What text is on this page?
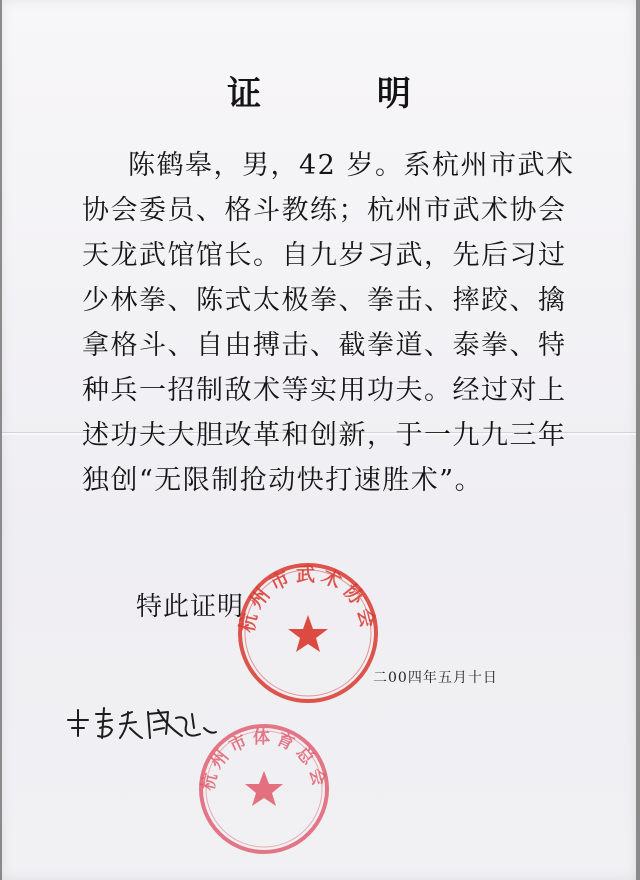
证 明
陈鹤皋，男，42 岁。系杭州市武术
协会委员、格斗教练；杭州市武术协会
天龙武馆馆长。自九岁习武，先后习过
少林拳、陈式太极拳、拳击、摔跤、擒
拿格斗、自由搏击、截拳道、泰拳、特
种兵一招制敌术等实用功夫。经过对上
述功夫大胆改革和创新，于一九九三年
独创“无限制抢动快打速胜术”。
特此证明
二00四年五月十日
杭州市武术协会
杭州市体育总会
